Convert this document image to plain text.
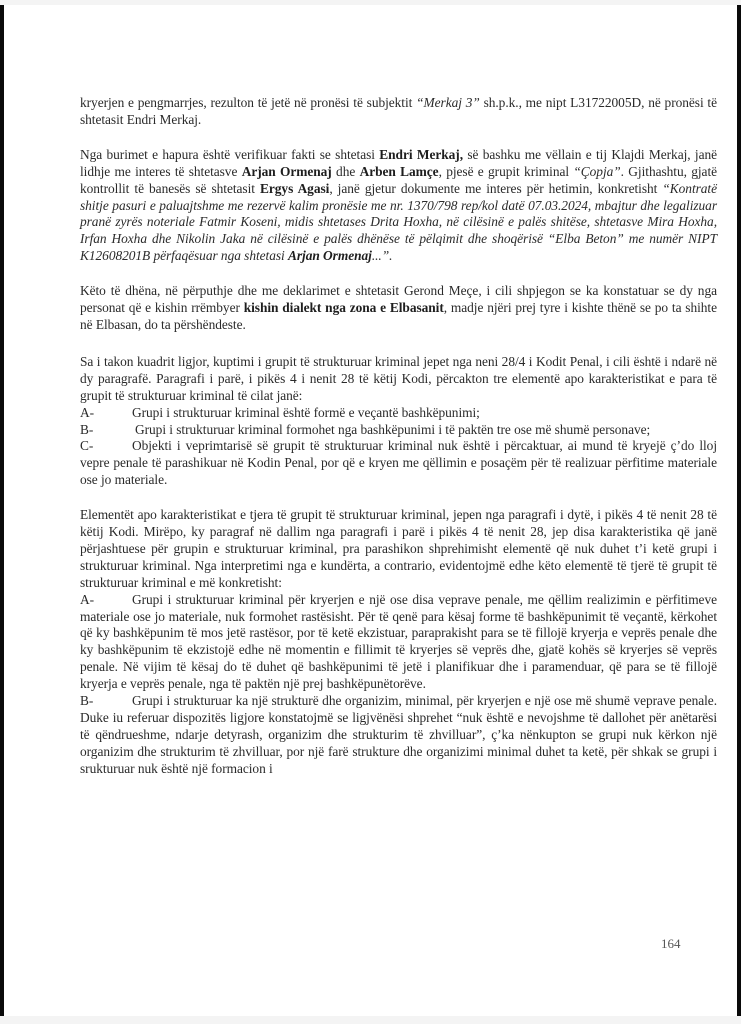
kryerjen e pengmarrjes, rezulton të jetë në pronësi të subjektit “Merkaj 3” sh.p.k., me nipt L31722005D, në pronësi të shtetasit Endri Merkaj.

Nga burimet e hapura është verifikuar fakti se shtetasi Endri Merkaj, së bashku me vëllain e tij Klajdi Merkaj, janë lidhje me interes të shtetasve Arjan Ormenaj dhe Arben Lamçe, pjesë e grupit kriminal “Çopja”. Gjithashtu, gjatë kontrollit të banesës së shtetasit Ergys Agasi, janë gjetur dokumente me interes për hetimin, konkretisht “Kontratë shitje pasuri e paluajtshme me rezervë kalim pronësie me nr. 1370/798 rep/kol datë 07.03.2024, mbajtur dhe legalizuar pranë zyrës noteriale Fatmir Koseni, midis shtetases Drita Hoxha, në cilësinë e palës shitëse, shtetasve Mira Hoxha, Irfan Hoxha dhe Nikolin Jaka në cilësinë e palës dhënëse të pëlqimit dhe shoqërisë “Elba Beton” me numër NIPT K12608201B përfaqësuar nga shtetasi Arjan Ormenaj...”.

Këto të dhëna, në përputhje dhe me deklarimet e shtetasit Gerond Meçe, i cili shpjegon se ka konstatuar se dy nga personat që e kishin rrëmbyer kishin dialekt nga zona e Elbasanit, madje njëri prej tyre i kishte thënë se po ta shihte në Elbasan, do ta përshëndeste.

Sa i takon kuadrit ligjor, kuptimi i grupit të strukturuar kriminal jepet nga neni 28/4 i Kodit Penal, i cili është i ndarë në dy paragrafë. Paragrafi i parë, i pikës 4 i nenit 28 të këtij Kodi, përcakton tre elementë apo karakteristikat e para të grupit të strukturuar kriminal të cilat janë:

A-	Grupi i strukturuar kriminal është formë e veçantë bashkëpunimi;

B-	Grupi i strukturuar kriminal formohet nga bashkëpunimi i të paktën tre ose më shumë personave;

C-	Objekti i veprimtarisë së grupit të strukturuar kriminal nuk është i përcaktuar, ai mund të kryejë ç’do lloj vepre penale të parashikuar në Kodin Penal, por që e kryen me qëllimin e posaçëm për të realizuar përfitime materiale ose jo materiale.

Elementët apo karakteristikat e tjera të grupit të strukturuar kriminal, jepen nga paragrafi i dytë, i pikës 4 të nenit 28 të këtij Kodi. Mirëpo, ky paragraf në dallim nga paragrafi i parë i pikës 4 të nenit 28, jep disa karakteristika që janë përjashtuese për grupin e strukturuar kriminal, pra parashikon shprehimisht elementë që nuk duhet t’i ketë grupi i strukturuar kriminal. Nga interpretimi nga e kundërta, a contrario, evidentojmë edhe këto elementë të tjerë të grupit të strukturuar kriminal e më konkretisht:

A-	Grupi i strukturuar kriminal për kryerjen e një ose disa veprave penale, me qëllim realizimin e përfitimeve materiale ose jo materiale, nuk formohet rastësisht. Për të qenë para kësaj forme të bashkëpunimit të veçantë, kërkohet që ky bashkëpunim të mos jetë rastësor, por të ketë ekzistuar, paraprakisht para se të fillojë kryerja e veprës penale dhe ky bashkëpunim të ekzistojë edhe në momentin e fillimit të kryerjes së veprës dhe, gjatë kohës së kryerjes së veprës penale. Në vijim të kësaj do të duhet që bashkëpunimi të jetë i planifikuar dhe i paramenduar, që para se të fillojë kryerja e veprës penale, nga të paktën një prej bashkëpunëtorëve.

B-	Grupi i strukturuar ka një strukturë dhe organizim, minimal, për kryerjen e një ose më shumë veprave penale. Duke iu referuar dispozitës ligjore konstatojmë se ligjvënësi shprehet “nuk është e nevojshme të dallohet për anëtarësi të qëndrueshme, ndarje detyrash, organizim dhe strukturim të zhvilluar”, ç’ka nënkupton se grupi nuk kërkon një organizim dhe strukturim të zhvilluar, por një farë strukture dhe organizimi minimal duhet ta ketë, për shkak se grupi i srukturuar nuk është një formacion i

164
